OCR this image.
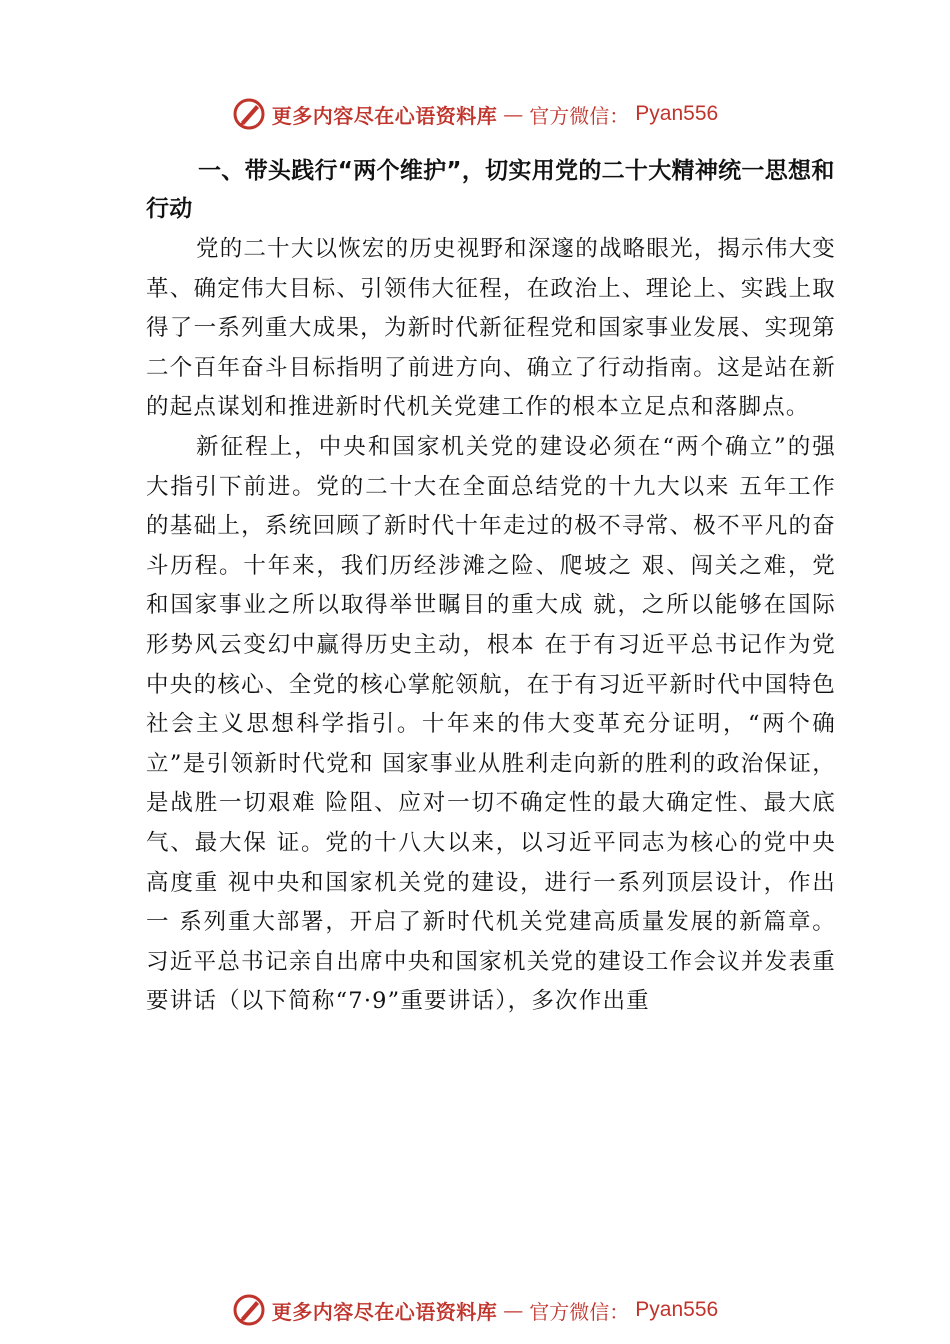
更多内容尽在心语资料库 — 官方微信： Pyan556
一、带头践行“两个维护”，切实用党的二十大精神统一思想和行动

党的二十大以恢宏的历史视野和深邃的战略眼光，揭示伟大变革、确定伟大目标、引领伟大征程，在政治上、理论上、实践上取得了一系列重大成果，为新时代新征程党和国家事业发展、实现第二个百年奋斗目标指明了前进方向、确立了行动指南。这是站在新的起点谋划和推进新时代机关党建工作的根本立足点和落脚点。

新征程上，中央和国家机关党的建设必须在“两个确立”的强大指引下前进。党的二十大在全面总结党的十九大以来 五年工作的基础上，系统回顾了新时代十年走过的极不寻常、极不平凡的奋斗历程。十年来，我们历经涉滩之险、爬坡之 艰、闯关之难，党和国家事业之所以取得举世瞩目的重大成 就，之所以能够在国际形势风云变幻中赢得历史主动，根本 在于有习近平总书记作为党中央的核心、全党的核心掌舵领航，在于有习近平新时代中国特色社会主义思想科学指引。十年来的伟大变革充分证明，“两个确立”是引领新时代党和 国家事业从胜利走向新的胜利的政治保证，是战胜一切艰难 险阻、应对一切不确定性的最大确定性、最大底气、最大保 证。党的十八大以来，以习近平同志为核心的党中央高度重 视中央和国家机关党的建设，进行一系列顶层设计，作出一 系列重大部署，开启了新时代机关党建高质量发展的新篇章。习近平总书记亲自出席中央和国家机关党的建设工作会议并发表重要讲话（以下简称“7·9”重要讲话），多次作出重

更多内容尽在心语资料库 — 官方微信： Pyan556
